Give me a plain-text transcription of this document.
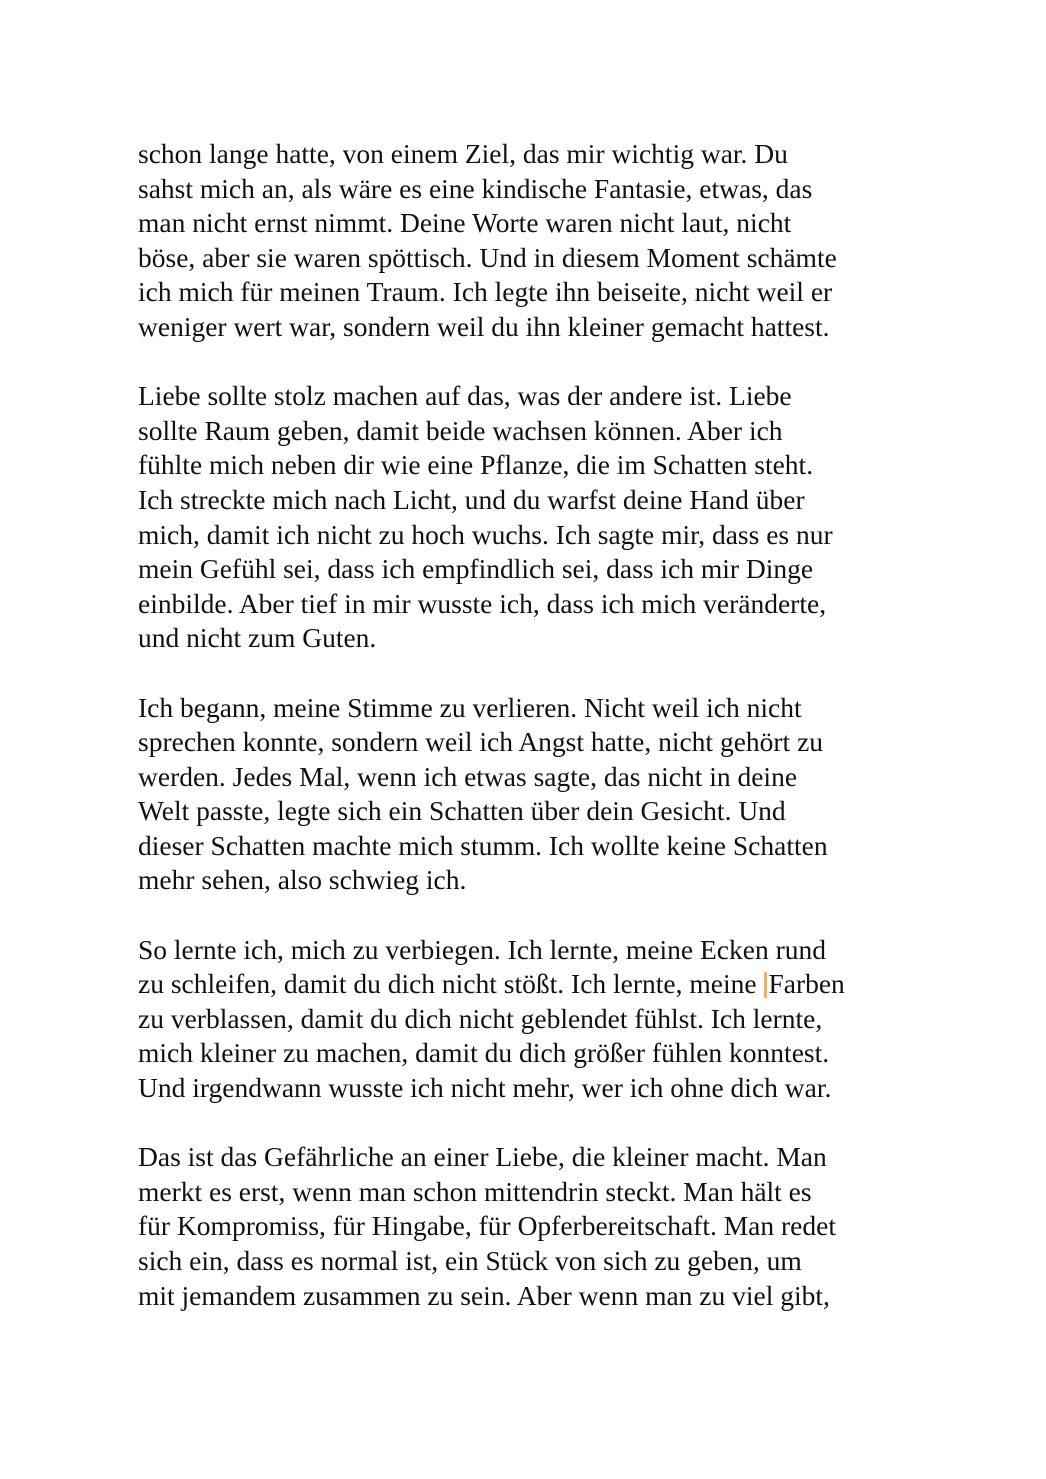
schon lange hatte, von einem Ziel, das mir wichtig war. Du
sahst mich an, als wäre es eine kindische Fantasie, etwas, das
man nicht ernst nimmt. Deine Worte waren nicht laut, nicht
böse, aber sie waren spöttisch. Und in diesem Moment schämte
ich mich für meinen Traum. Ich legte ihn beiseite, nicht weil er
weniger wert war, sondern weil du ihn kleiner gemacht hattest.

Liebe sollte stolz machen auf das, was der andere ist. Liebe
sollte Raum geben, damit beide wachsen können. Aber ich
fühlte mich neben dir wie eine Pflanze, die im Schatten steht.
Ich streckte mich nach Licht, und du warfst deine Hand über
mich, damit ich nicht zu hoch wuchs. Ich sagte mir, dass es nur
mein Gefühl sei, dass ich empfindlich sei, dass ich mir Dinge
einbilde. Aber tief in mir wusste ich, dass ich mich veränderte,
und nicht zum Guten.

Ich begann, meine Stimme zu verlieren. Nicht weil ich nicht
sprechen konnte, sondern weil ich Angst hatte, nicht gehört zu
werden. Jedes Mal, wenn ich etwas sagte, das nicht in deine
Welt passte, legte sich ein Schatten über dein Gesicht. Und
dieser Schatten machte mich stumm. Ich wollte keine Schatten
mehr sehen, also schwieg ich.

So lernte ich, mich zu verbiegen. Ich lernte, meine Ecken rund
zu schleifen, damit du dich nicht stößt. Ich lernte, meine Farben
zu verblassen, damit du dich nicht geblendet fühlst. Ich lernte,
mich kleiner zu machen, damit du dich größer fühlen konntest.
Und irgendwann wusste ich nicht mehr, wer ich ohne dich war.

Das ist das Gefährliche an einer Liebe, die kleiner macht. Man
merkt es erst, wenn man schon mittendrin steckt. Man hält es
für Kompromiss, für Hingabe, für Opferbereitschaft. Man redet
sich ein, dass es normal ist, ein Stück von sich zu geben, um
mit jemandem zusammen zu sein. Aber wenn man zu viel gibt,
